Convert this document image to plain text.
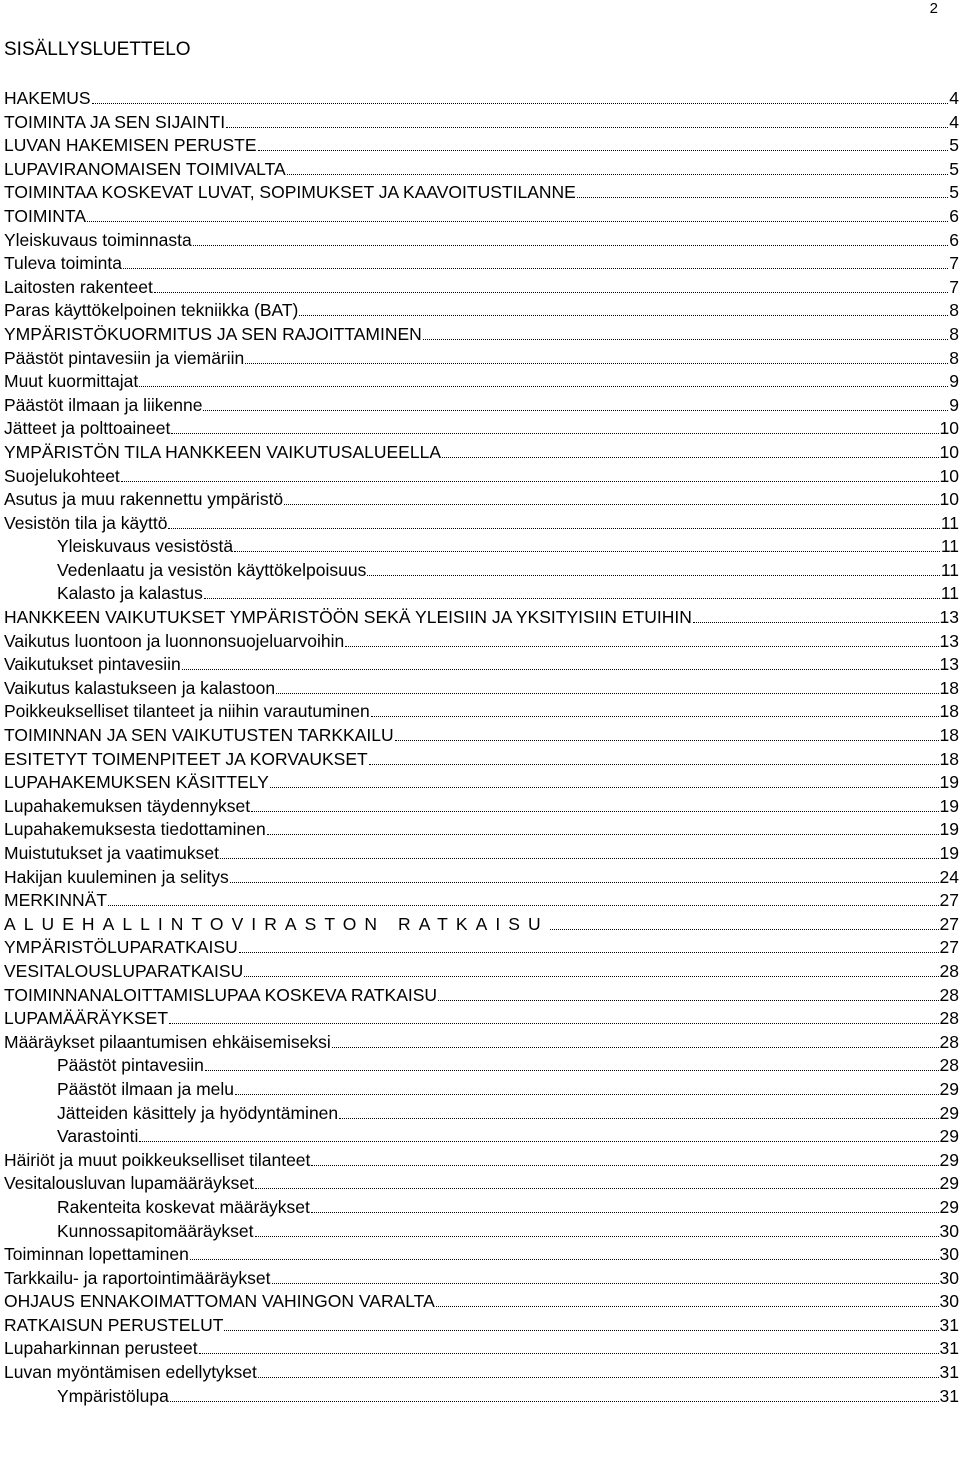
2
SISÄLLYSLUETTELO
HAKEMUS	4
TOIMINTA JA SEN SIJAINTI	4
LUVAN HAKEMISEN PERUSTE	5
LUPAVIRANOMAISEN TOIMIVALTA	5
TOIMINTAA KOSKEVAT LUVAT, SOPIMUKSET JA KAAVOITUSTILANNE	5
TOIMINTA	6
Yleiskuvaus toiminnasta	6
Tuleva toiminta	7
Laitosten rakenteet	7
Paras käyttökelpoinen tekniikka (BAT)	8
YMPÄRISTÖKUORMITUS JA SEN RAJOITTAMINEN	8
Päästöt pintavesiin ja viemäriin	8
Muut kuormittajat	9
Päästöt ilmaan ja liikenne	9
Jätteet ja polttoaineet	10
YMPÄRISTÖN TILA HANKKEEN VAIKUTUSALUEELLA	10
Suojelukohteet	10
Asutus ja muu rakennettu ympäristö	10
Vesistön tila ja käyttö	11
Yleiskuvaus vesistöstä	11
Vedenlaatu ja vesistön käyttökelpoisuus	11
Kalasto ja kalastus	11
HANKKEEN VAIKUTUKSET YMPÄRISTÖÖN SEKÄ YLEISIIN JA YKSITYISIIN ETUIHIN	13
Vaikutus luontoon ja luonnonsuojeluarvoihin	13
Vaikutukset pintavesiin	13
Vaikutus kalastukseen ja kalastoon	18
Poikkeukselliset tilanteet ja niihin varautuminen	18
TOIMINNAN JA SEN VAIKUTUSTEN TARKKAILU	18
ESITETYT TOIMENPITEET JA KORVAUKSET	18
LUPAHAKEMUKSEN KÄSITTELY	19
Lupahakemuksen täydennykset	19
Lupahakemuksesta tiedottaminen	19
Muistutukset ja vaatimukset	19
Hakijan kuuleminen ja selitys	24
MERKINNÄT	27
ALUEHALLINTOVIRASTON RATKAISU	27
YMPÄRISTÖLUPARATKAISU	27
VESITALOUSLUPARATKAISU	28
TOIMINNANALOITTAMISLUPAA KOSKEVA RATKAISU	28
LUPAMÄÄRÄYKSET	28
Määräykset pilaantumisen ehkäisemiseksi	28
Päästöt pintavesiin	28
Päästöt ilmaan ja melu	29
Jätteiden käsittely ja hyödyntäminen	29
Varastointi	29
Häiriöt ja muut poikkeukselliset tilanteet	29
Vesitalousluvan lupamääräykset	29
Rakenteita koskevat määräykset	29
Kunnossapitomääräykset	30
Toiminnan lopettaminen	30
Tarkkailu- ja raportointimääräykset	30
OHJAUS ENNAKOIMATTOMAN VAHINGON VARALTA	30
RATKAISUN PERUSTELUT	31
Lupaharkinnan perusteet	31
Luvan myöntämisen edellytykset	31
Ympäristölupa	31
